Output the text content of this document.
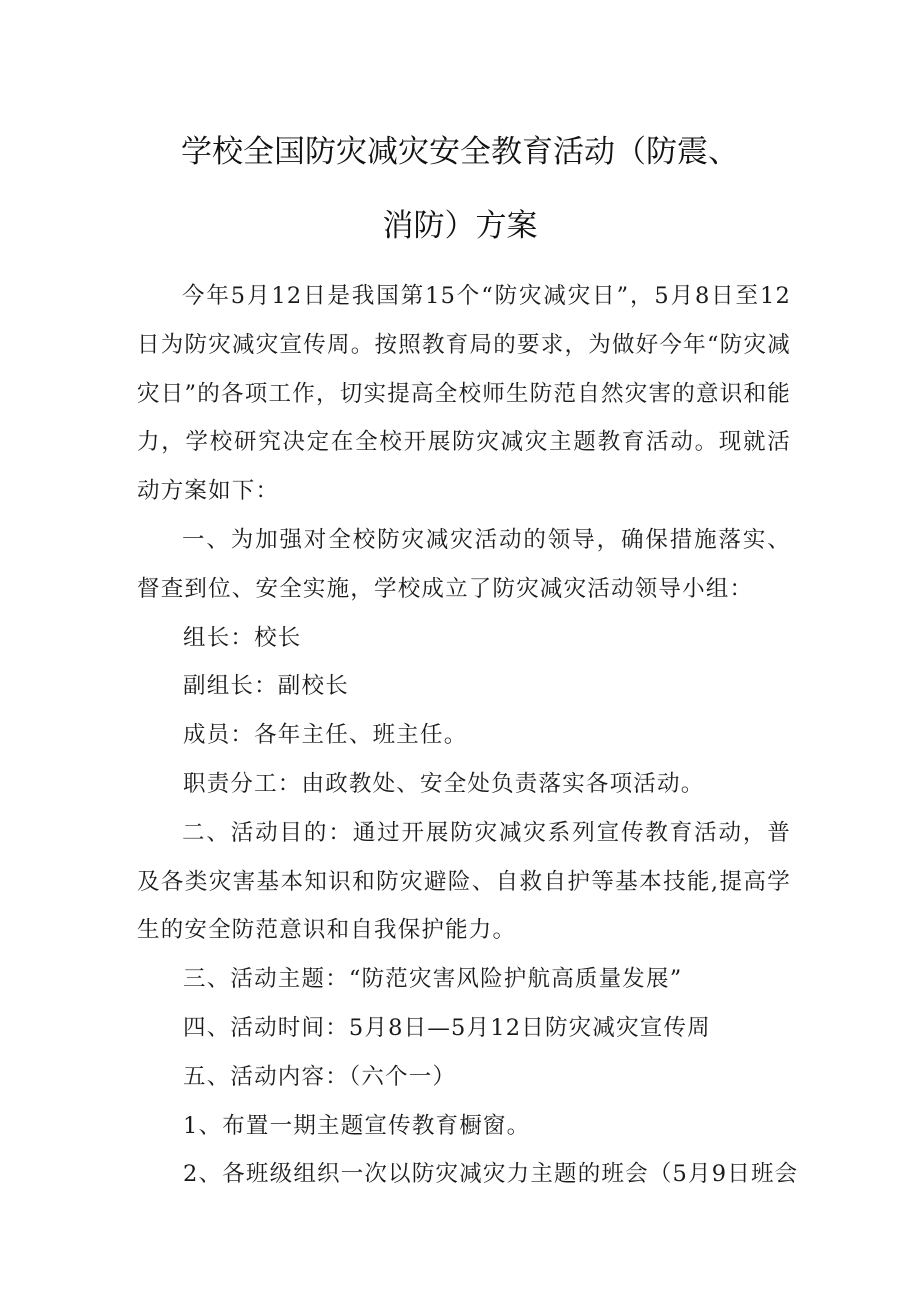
学校全国防灾减灾安全教育活动（防震、
消防）方案

今年5月12日是我国第15个“防灾减灾日”，5月8日至12日为防灾减灾宣传周。按照教育局的要求，为做好今年“防灾减灾日”的各项工作，切实提高全校师生防范自然灾害的意识和能力，学校研究决定在全校开展防灾减灾主题教育活动。现就活动方案如下：

一、为加强对全校防灾减灾活动的领导，确保措施落实、督查到位、安全实施，学校成立了防灾减灾活动领导小组：

组长：校长

副组长：副校长

成员：各年主任、班主任。

职责分工：由政教处、安全处负责落实各项活动。

二、活动目的：通过开展防灾减灾系列宣传教育活动，普及各类灾害基本知识和防灾避险、自救自护等基本技能,提高学生的安全防范意识和自我保护能力。

三、活动主题：“防范灾害风险护航高质量发展”

四、活动时间：5月8日—5月12日防灾减灾宣传周

五、活动内容：（六个一）

1、布置一期主题宣传教育橱窗。

2、各班级组织一次以防灾减灾力主题的班会（5月9日班会
